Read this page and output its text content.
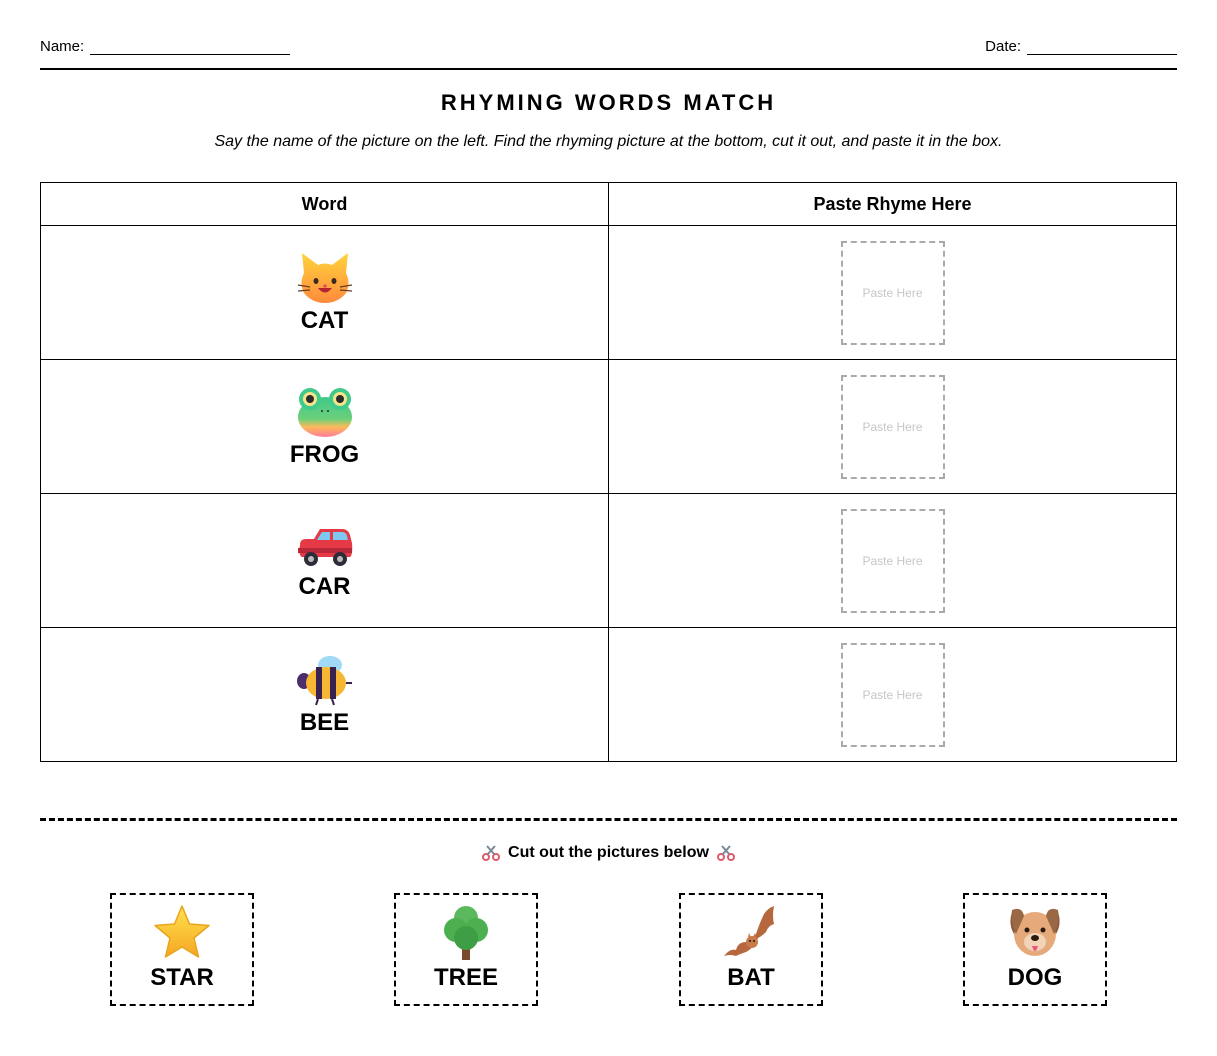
Name:	Date:
RHYMING WORDS MATCH
Say the name of the picture on the left. Find the rhyming picture at the bottom, cut it out, and paste it in the box.
Word	Paste Rhyme Here

CAT	Paste Here

FROG	Paste Here

CAR	Paste Here

BEE	Paste Here
Cut out the pictures below
STAR	TREE	BAT	DOG
